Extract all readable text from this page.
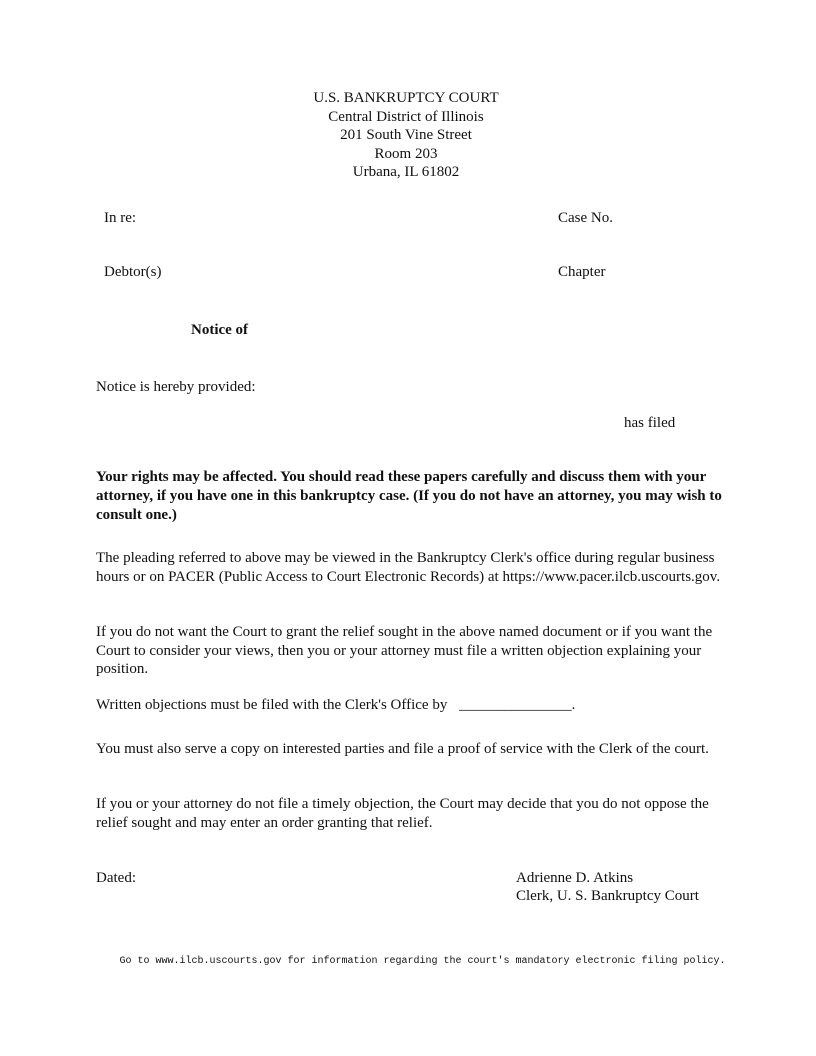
U.S. BANKRUPTCY COURT
Central District of Illinois
201 South Vine Street
Room 203
Urbana, IL 61802
In re:	Case No.
Debtor(s)	Chapter
Notice of
Notice is hereby provided:
has filed
Your rights may be affected. You should read these papers carefully and discuss them with your attorney, if you have one in this bankruptcy case. (If you do not have an attorney, you may wish to consult one.)
The pleading referred to above may be viewed in the Bankruptcy Clerk's office during regular business hours or on PACER (Public Access to Court Electronic Records) at https://www.pacer.ilcb.uscourts.gov.
If you do not want the Court to grant the relief sought in the above named document or if you want the Court to consider your views, then you or your attorney must file a written objection explaining your position.
Written objections must be filed with the Clerk's Office by _______________.
You must also serve a copy on interested parties and file a proof of service with the Clerk of the court.
If you or your attorney do not file a timely objection, the Court may decide that you do not oppose the relief sought and may enter an order granting that relief.
Dated:	Adrienne D. Atkins
Clerk, U. S. Bankruptcy Court
Go to www.ilcb.uscourts.gov for information regarding the court's mandatory electronic filing policy.
